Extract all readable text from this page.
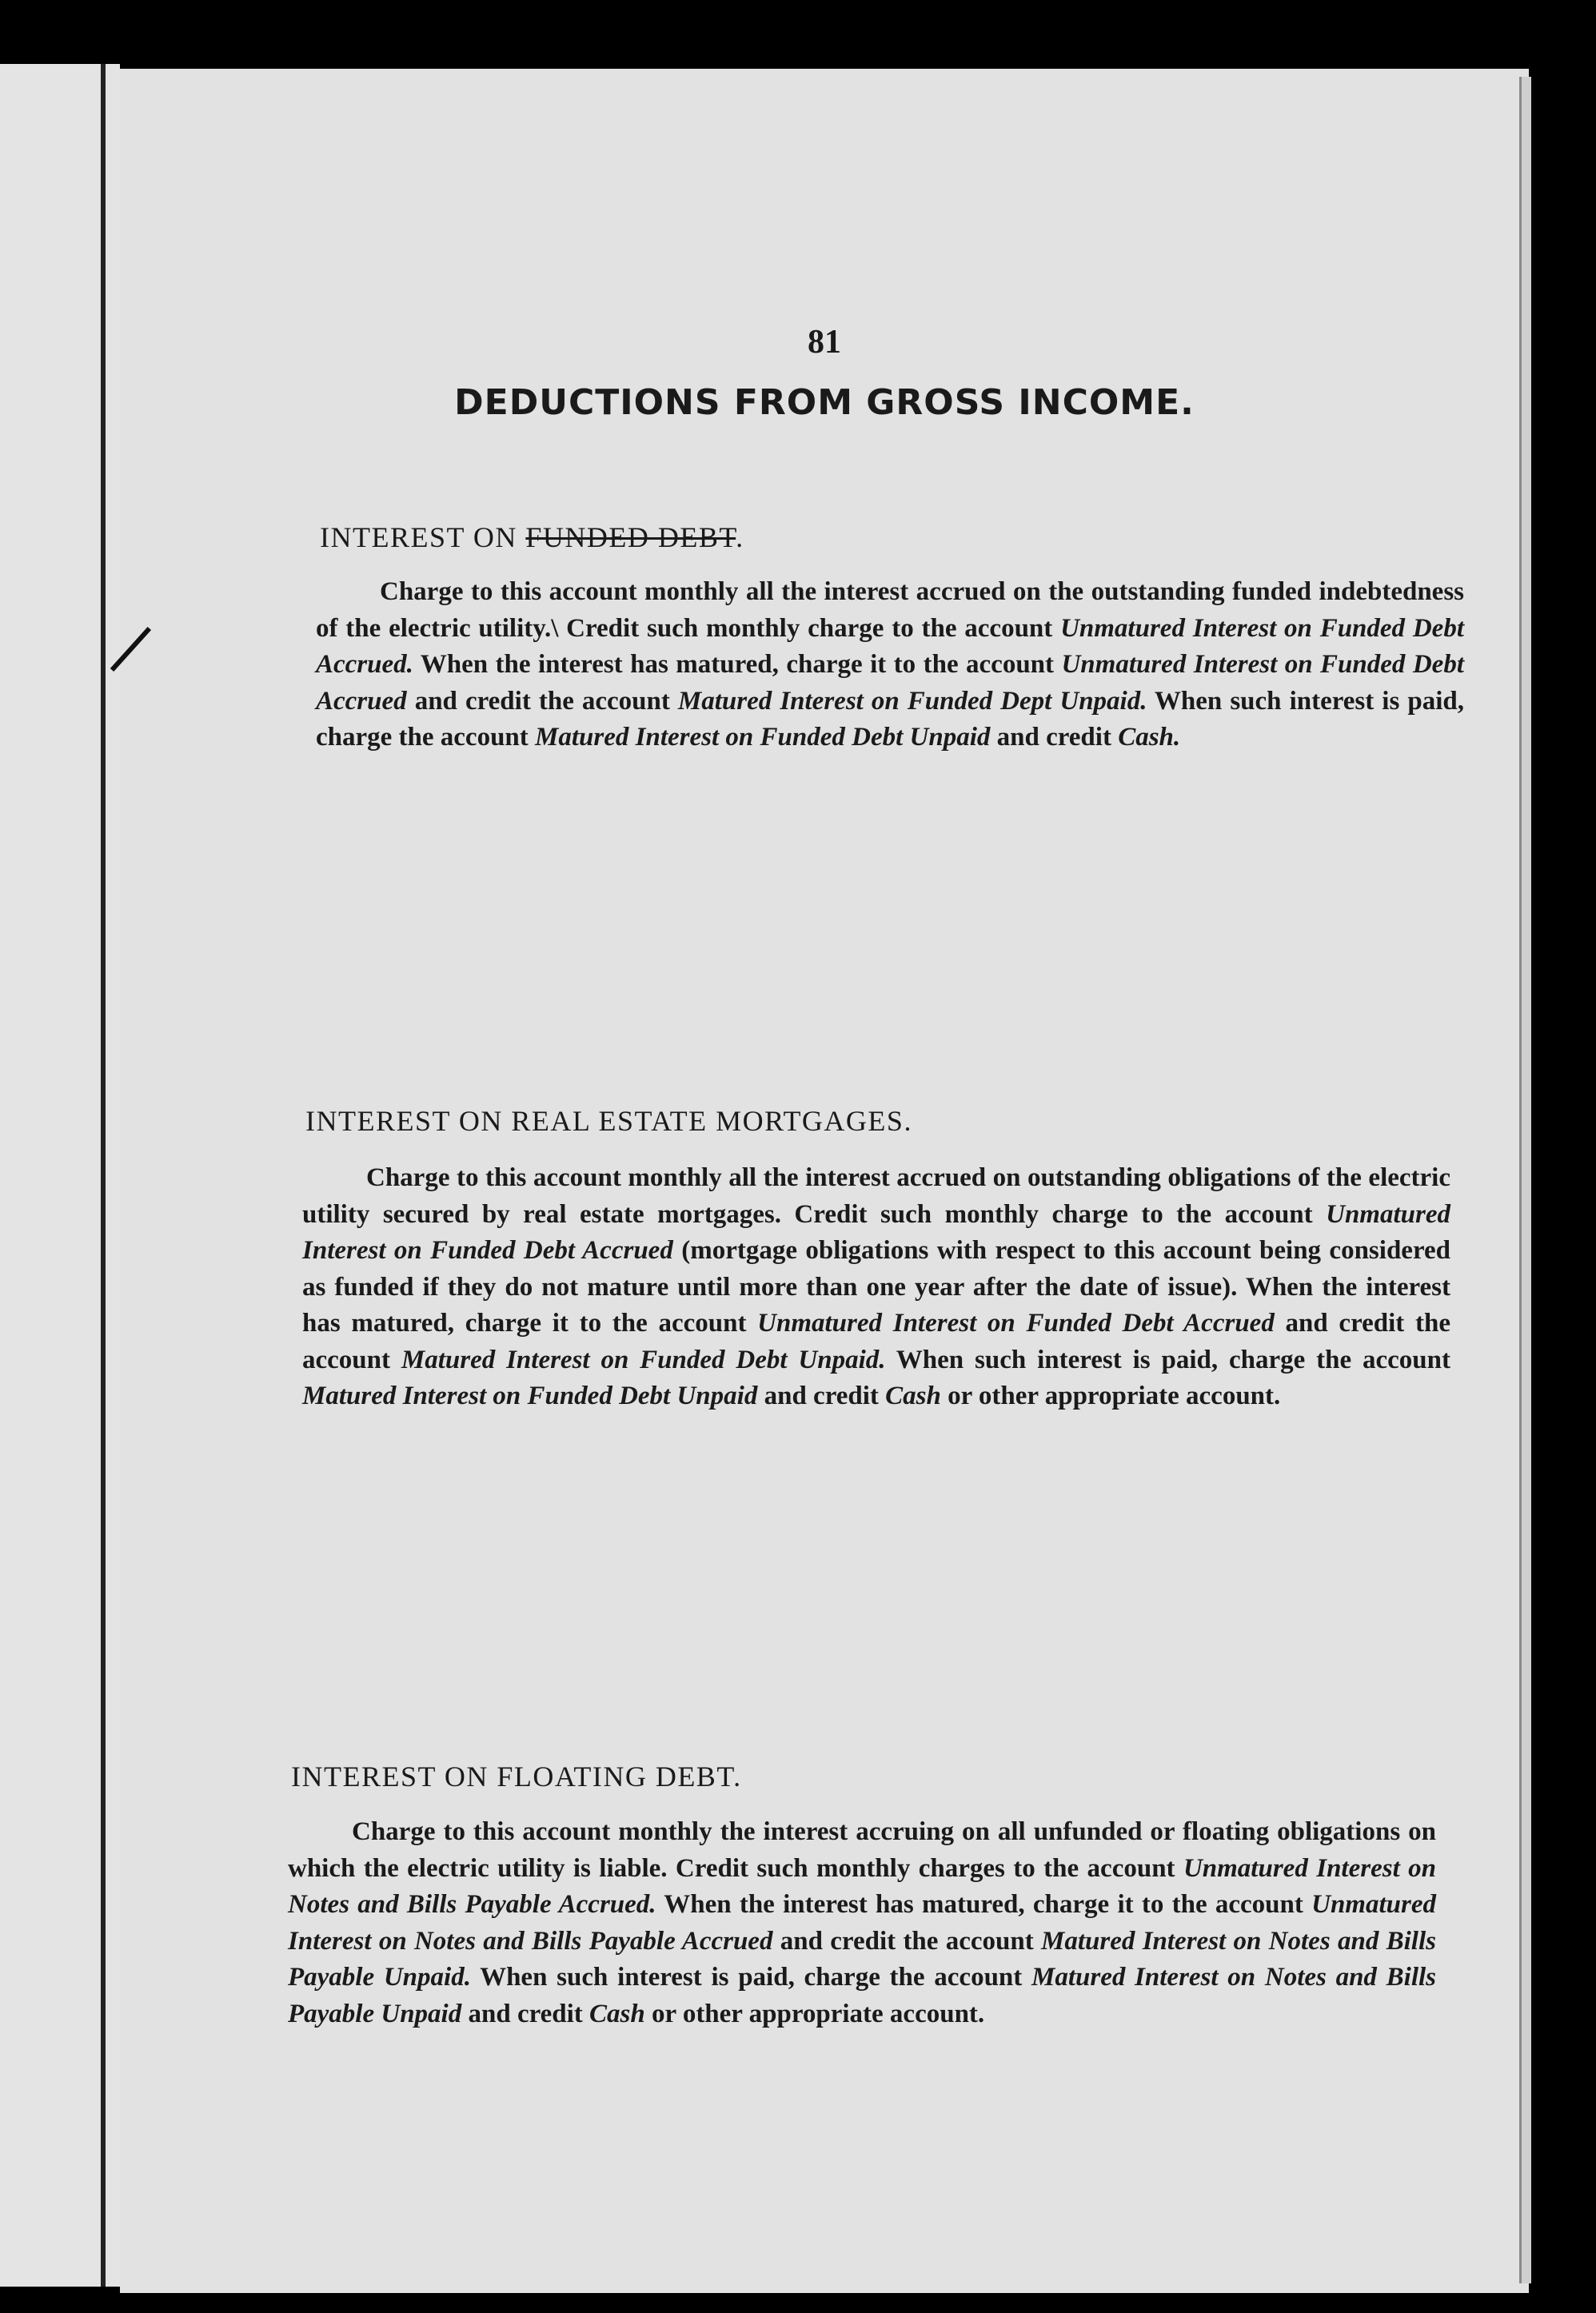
81
DEDUCTIONS FROM GROSS INCOME.
INTEREST ON FUNDED DEBT.

Charge to this account monthly all the interest accrued on the outstanding funded indebtedness of the electric utility.\ Credit such monthly charge to the account Unmatured Interest on Funded Debt Accrued. When the interest has matured, charge it to the account Unmatured Interest on Funded Debt Accrued and credit the account Matured Interest on Funded Dept Unpaid. When such interest is paid, charge the account Matured Interest on Funded Debt Unpaid and credit Cash.

INTEREST ON REAL ESTATE MORTGAGES.

Charge to this account monthly all the interest accrued on outstanding obligations of the electric utility secured by real estate mortgages. Credit such monthly charge to the account Unmatured Interest on Funded Debt Accrued (mortgage obligations with respect to this account being considered as funded if they do not mature until more than one year after the date of issue). When the interest has matured, charge it to the account Unmatured Interest on Funded Debt Accrued and credit the account Matured Interest on Funded Debt Unpaid. When such interest is paid, charge the account Matured Interest on Funded Debt Unpaid and credit Cash or other appropriate account.

INTEREST ON FLOATING DEBT.

Charge to this account monthly the interest accruing on all unfunded or floating obligations on which the electric utility is liable. Credit such monthly charges to the account Unmatured Interest on Notes and Bills Payable Accrued. When the interest has matured, charge it to the account Unmatured Interest on Notes and Bills Payable Accrued and credit the account Matured Interest on Notes and Bills Payable Unpaid. When such interest is paid, charge the account Matured Interest on Notes and Bills Payable Unpaid and credit Cash or other appropriate account.
